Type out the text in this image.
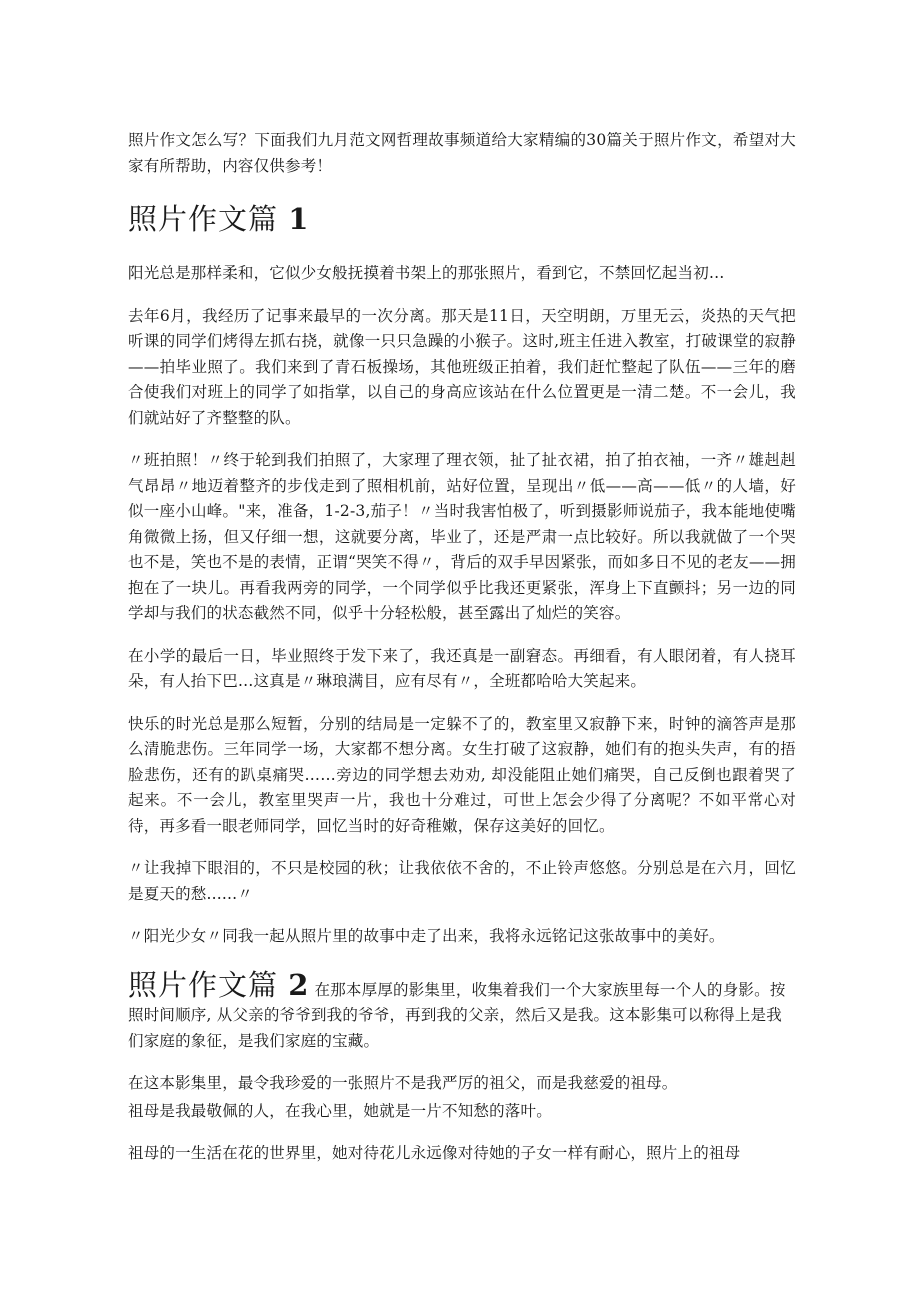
照片作文怎么写？下面我们九月范文网哲理故事频道给大家精编的30篇关于照片作文，希望对大家有所帮助，内容仅供参考！

照片作文篇 1

阳光总是那样柔和，它似少女般抚摸着书架上的那张照片，看到它，不禁回忆起当初…

去年6月，我经历了记事来最早的一次分离。那天是11日，天空明朗，万里无云，炎热的天气把听课的同学们烤得左抓右挠，就像一只只急躁的小猴子。这时,班主任进入教室，打破课堂的寂静——拍毕业照了。我们来到了青石板操场，其他班级正拍着，我们赶忙整起了队伍——三年的磨合使我们对班上的同学了如指掌，以自己的身高应该站在什么位置更是一清二楚。不一会儿，我们就站好了齐整整的队。

〃班拍照！〃终于轮到我们拍照了，大家理了理衣领，扯了扯衣裙，拍了拍衣袖，一齐〃雄赳赳气昂昂〃地迈着整齐的步伐走到了照相机前，站好位置，呈现出〃低——高——低〃的人墙，好似一座小山峰。"来，准备，1-2-3,茄子！〃当时我害怕极了，听到摄影师说茄子，我本能地使嘴角微微上扬，但又仔细一想，这就要分离，毕业了，还是严肃一点比较好。所以我就做了一个哭也不是，笑也不是的表情，正谓“哭笑不得〃，背后的双手早因紧张，而如多日不见的老友——拥抱在了一块儿。再看我两旁的同学，一个同学似乎比我还更紧张，浑身上下直颤抖；另一边的同学却与我们的状态截然不同，似乎十分轻松般，甚至露出了灿烂的笑容。

在小学的最后一日，毕业照终于发下来了，我还真是一副窘态。再细看，有人眼闭着，有人挠耳朵，有人抬下巴…这真是〃琳琅满目，应有尽有〃，全班都哈哈大笑起来。

快乐的时光总是那么短暂，分别的结局是一定躲不了的，教室里又寂静下来，时钟的滴答声是那么清脆悲伤。三年同学一场，大家都不想分离。女生打破了这寂静，她们有的抱头失声，有的捂脸悲伤，还有的趴桌痛哭……旁边的同学想去劝劝, 却没能阻止她们痛哭，自己反倒也跟着哭了起来。不一会儿，教室里哭声一片，我也十分难过，可世上怎会少得了分离呢？不如平常心对待，再多看一眼老师同学，回忆当时的好奇稚嫩，保存这美好的回忆。

〃让我掉下眼泪的，不只是校园的秋；让我依依不舍的，不止铃声悠悠。分别总是在六月，回忆是夏天的愁......〃

〃阳光少女〃同我一起从照片里的故事中走了出来，我将永远铭记这张故事中的美好。

照片作文篇 2 在那本厚厚的影集里，收集着我们一个大家族里每一个人的身影。按照时间顺序, 从父亲的爷爷到我的爷爷，再到我的父亲，然后又是我。这本影集可以称得上是我们家庭的象征，是我们家庭的宝藏。

在这本影集里，最令我珍爱的一张照片不是我严厉的祖父，而是我慈爱的祖母。

祖母是我最敬佩的人，在我心里，她就是一片不知愁的落叶。

祖母的一生活在花的世界里，她对待花儿永远像对待她的子女一样有耐心，照片上的祖母
